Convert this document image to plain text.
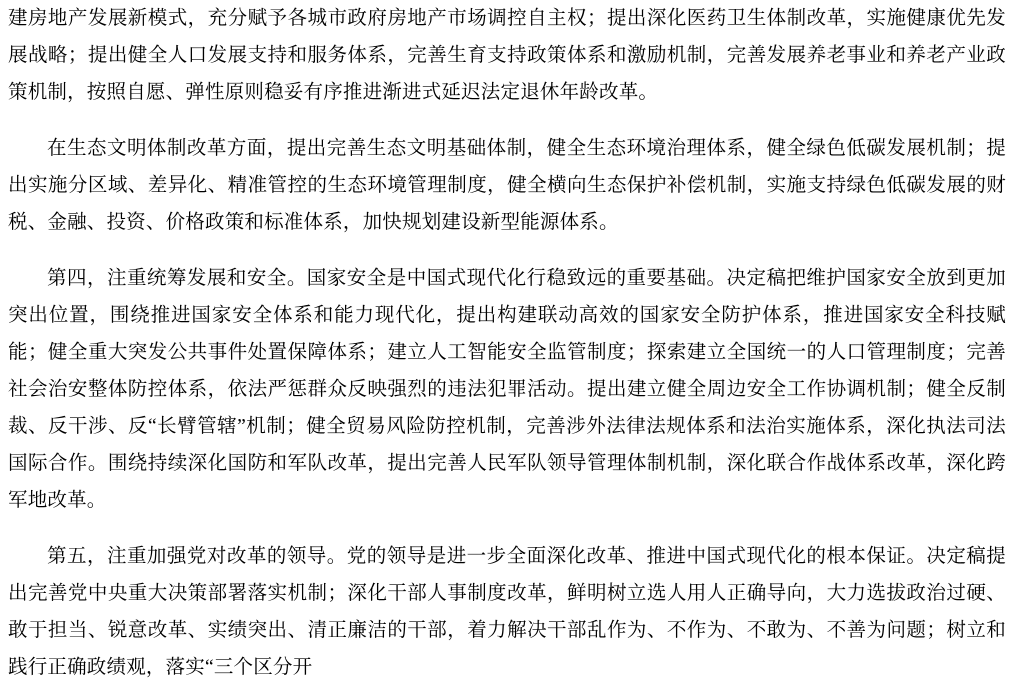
建房地产发展新模式，充分赋予各城市政府房地产市场调控自主权；提出深化医药卫生体制改革，实施健康优先发展战略；提出健全人口发展支持和服务体系，完善生育支持政策体系和激励机制，完善发展养老事业和养老产业政策机制，按照自愿、弹性原则稳妥有序推进渐进式延迟法定退休年龄改革。

在生态文明体制改革方面，提出完善生态文明基础体制，健全生态环境治理体系，健全绿色低碳发展机制；提出实施分区域、差异化、精准管控的生态环境管理制度，健全横向生态保护补偿机制，实施支持绿色低碳发展的财税、金融、投资、价格政策和标准体系，加快规划建设新型能源体系。

第四，注重统筹发展和安全。国家安全是中国式现代化行稳致远的重要基础。决定稿把维护国家安全放到更加突出位置，围绕推进国家安全体系和能力现代化，提出构建联动高效的国家安全防护体系，推进国家安全科技赋能；健全重大突发公共事件处置保障体系；建立人工智能安全监管制度；探索建立全国统一的人口管理制度；完善社会治安整体防控体系，依法严惩群众反映强烈的违法犯罪活动。提出建立健全周边安全工作协调机制；健全反制裁、反干涉、反“长臂管辖”机制；健全贸易风险防控机制，完善涉外法律法规体系和法治实施体系，深化执法司法国际合作。围绕持续深化国防和军队改革，提出完善人民军队领导管理体制机制，深化联合作战体系改革，深化跨军地改革。

第五，注重加强党对改革的领导。党的领导是进一步全面深化改革、推进中国式现代化的根本保证。决定稿提出完善党中央重大决策部署落实机制；深化干部人事制度改革，鲜明树立选人用人正确导向，大力选拔政治过硬、敢于担当、锐意改革、实绩突出、清正廉洁的干部，着力解决干部乱作为、不作为、不敢为、不善为问题；树立和践行正确政绩观，落实“三个区分开
